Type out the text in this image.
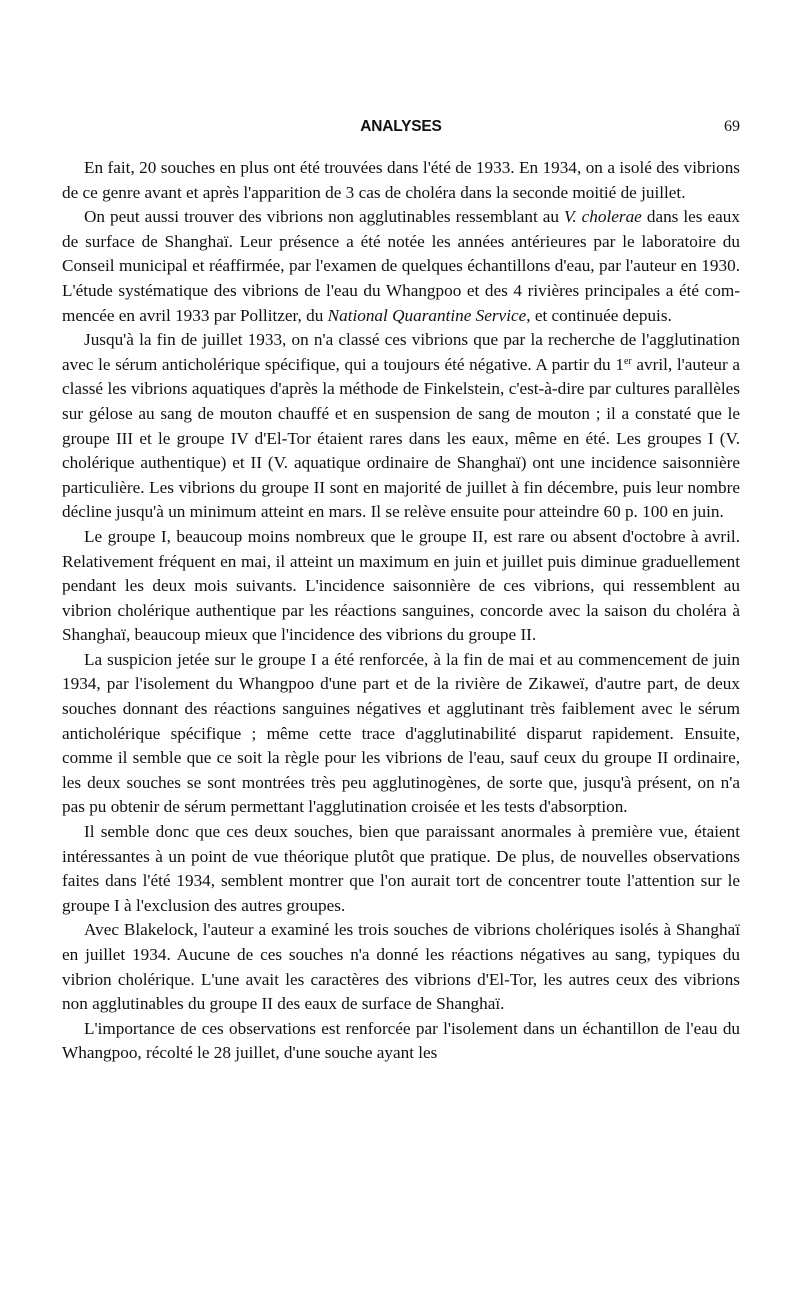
ANALYSES	69

En fait, 20 souches en plus ont été trouvées dans l'été de 1933. En 1934, on a isolé des vibrions de ce genre avant et après l'apparition de 3 cas de choléra dans la seconde moitié de juillet.

On peut aussi trouver des vibrions non agglutinables ressemblant au V. cholerae dans les eaux de surface de Shanghaï. Leur présence a été notée les années antérieures par le laboratoire du Conseil municipal et réaffirmée, par l'examen de quelques échantillons d'eau, par l'auteur en 1930. L'étude systématique des vibrions de l'eau du Whangpoo et des 4 rivières principales a été commencée en avril 1933 par Pollitzer, du National Quarantine Service, et continuée depuis.

Jusqu'à la fin de juillet 1933, on n'a classé ces vibrions que par la recherche de l'agglutination avec le sérum anticholérique spécifique, qui a toujours été négative. A partir du 1er avril, l'auteur a classé les vibrions aquatiques d'après la méthode de Finkelstein, c'est-à-dire par cultures parallèles sur gélose au sang de mouton chauffé et en suspension de sang de mouton ; il a constaté que le groupe III et le groupe IV d'El-Tor étaient rares dans les eaux, même en été. Les groupes I (V. cholérique authentique) et II (V. aquatique ordinaire de Shanghaï) ont une incidence saisonnière particulière. Les vibrions du groupe II sont en majorité de juillet à fin décembre, puis leur nombre décline jusqu'à un minimum atteint en mars. Il se relève ensuite pour atteindre 60 p. 100 en juin.

Le groupe I, beaucoup moins nombreux que le groupe II, est rare ou absent d'octobre à avril. Relativement fréquent en mai, il atteint un maximum en juin et juillet puis diminue graduellement pendant les deux mois suivants. L'incidence saisonnière de ces vibrions, qui ressemblent au vibrion cholérique authentique par les réactions sanguines, concorde avec la saison du choléra à Shanghaï, beaucoup mieux que l'incidence des vibrions du groupe II.

La suspicion jetée sur le groupe I a été renforcée, à la fin de mai et au commencement de juin 1934, par l'isolement du Whangpoo d'une part et de la rivière de Zikaweï, d'autre part, de deux souches donnant des réactions sanguines négatives et agglutinant très faiblement avec le sérum anticholérique spécifique ; même cette trace d'agglutinabilité disparut rapidement. Ensuite, comme il semble que ce soit la règle pour les vibrions de l'eau, sauf ceux du groupe II ordinaire, les deux souches se sont montrées très peu agglutinogènes, de sorte que, jusqu'à présent, on n'a pas pu obtenir de sérum permettant l'agglutination croisée et les tests d'absorption.

Il semble donc que ces deux souches, bien que paraissant anormales à première vue, étaient intéressantes à un point de vue théorique plutôt que pratique. De plus, de nouvelles observations faites dans l'été 1934, semblent montrer que l'on aurait tort de concentrer toute l'attention sur le groupe I à l'exclusion des autres groupes.

Avec Blakelock, l'auteur a examiné les trois souches de vibrions cholériques isolés à Shanghaï en juillet 1934. Aucune de ces souches n'a donné les réactions négatives au sang, typiques du vibrion cholérique. L'une avait les caractères des vibrions d'El-Tor, les autres ceux des vibrions non agglutinables du groupe II des eaux de surface de Shanghaï.

L'importance de ces observations est renforcée par l'isolement dans un échantillon de l'eau du Whangpoo, récolté le 28 juillet, d'une souche ayant les
